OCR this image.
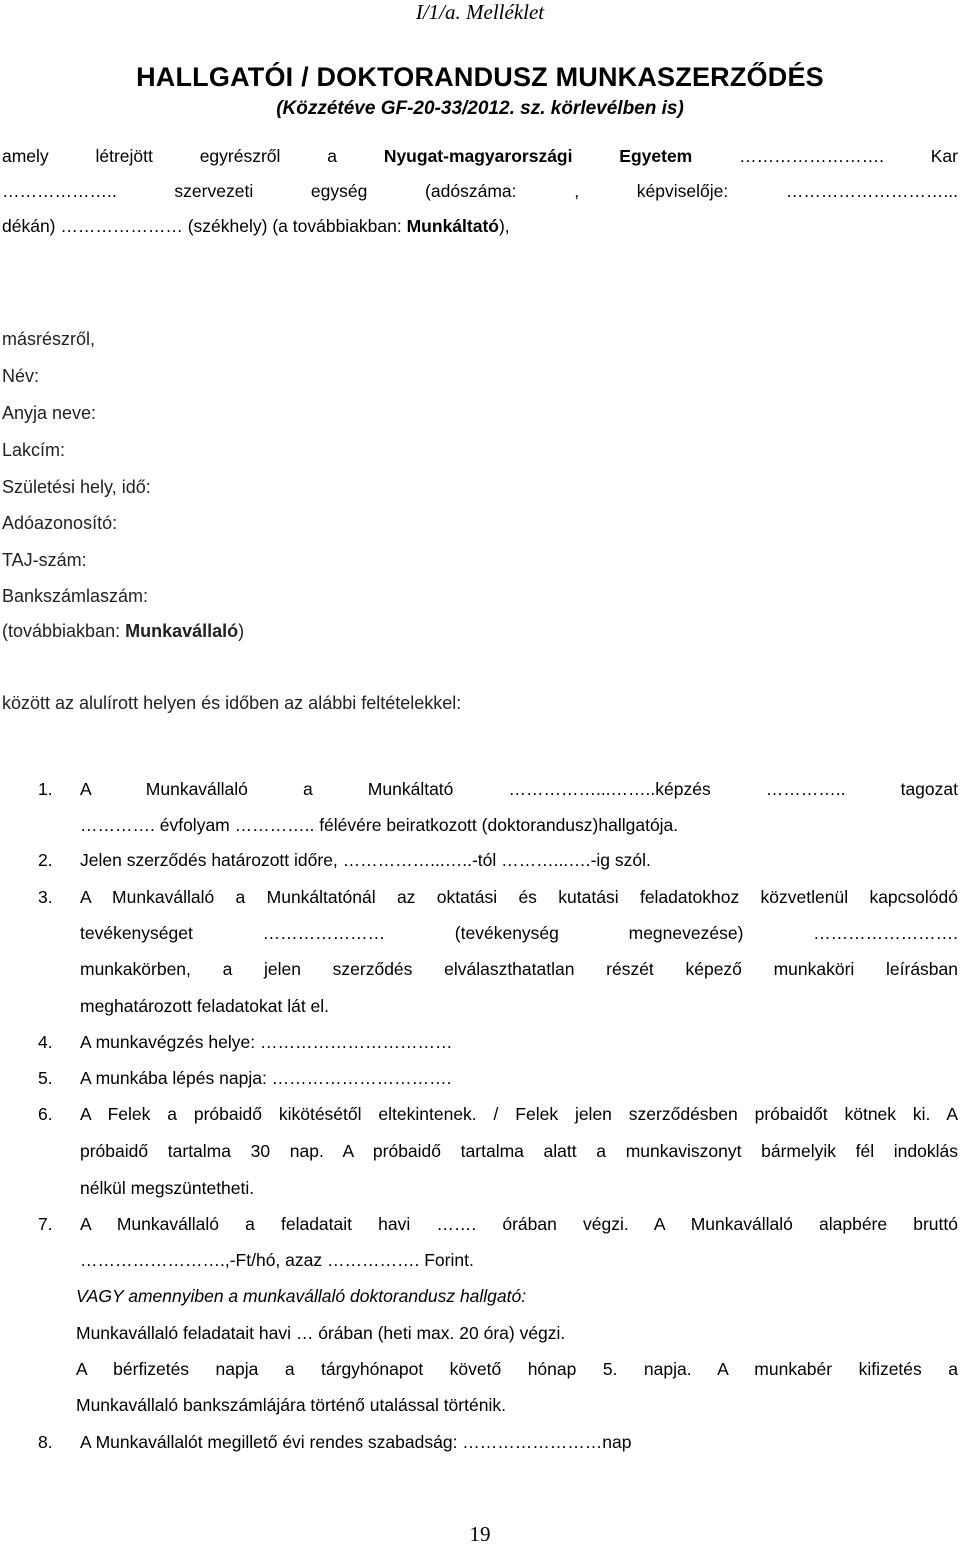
I/1/a. Melléklet
HALLGATÓI / DOKTORANDUSZ MUNKASZERZŐDÉS
(Közzétéve GF-20-33/2012. sz. körlevélben is)
amely létrejött egyrészről a	Nyugat-magyarországi Egyetem	……………………. Kar
……………….. szervezeti egység (adószáma: , képviselője: ………………………...
dékán) ………………… (székhely) (a továbbiakban: Munkáltató),
másrészről,
Név:
Anyja neve:
Lakcím:
Születési hely, idő:
Adóazonosító:
TAJ-szám:
Bankszámlaszám:
(továbbiakban: Munkavállaló)
között az alulírott helyen és időben az alábbi feltételekkel:
1. A Munkavállaló a Munkáltató ……………...……..képzés ………….. tagozat
…………. évfolyam ………….. félévére beiratkozott (doktorandusz)hallgatója.
2. Jelen szerződés határozott időre, ……………...…..-tól ………...….-ig szól.
3. A Munkavállaló a Munkáltatónál az oktatási és kutatási feladatokhoz közvetlenül kapcsolódó
tevékenységet ………………… (tevékenység megnevezése) …………………….
munkakörben, a jelen szerződés elválaszthatatlan részét képező munkaköri leírásban
meghatározott feladatokat lát el.
4. A munkavégzés helye: ……………………………
5. A munkába lépés napja: ………………………….
6. A Felek a próbaidő kikötésétől eltekintenek. / Felek jelen szerződésben próbaidőt kötnek ki. A
próbaidő tartalma 30 nap. A próbaidő tartalma alatt a munkaviszonyt bármelyik fél indoklás
nélkül megszüntetheti.
7. A Munkavállaló a feladatait havi ……. órában végzi. A Munkavállaló alapbére bruttó
…………………….,-Ft/hó, azaz ……………. Forint.
VAGY amennyiben a munkavállaló doktorandusz hallgató:
Munkavállaló feladatait havi … órában (heti max. 20 óra) végzi.
A bérfizetés napja a tárgyhónapot követő hónap 5. napja. A munkabér kifizetés a
Munkavállaló bankszámlájára történő utalással történik.
8. A Munkavállalót megillető évi rendes szabadság: ……………………nap
19
